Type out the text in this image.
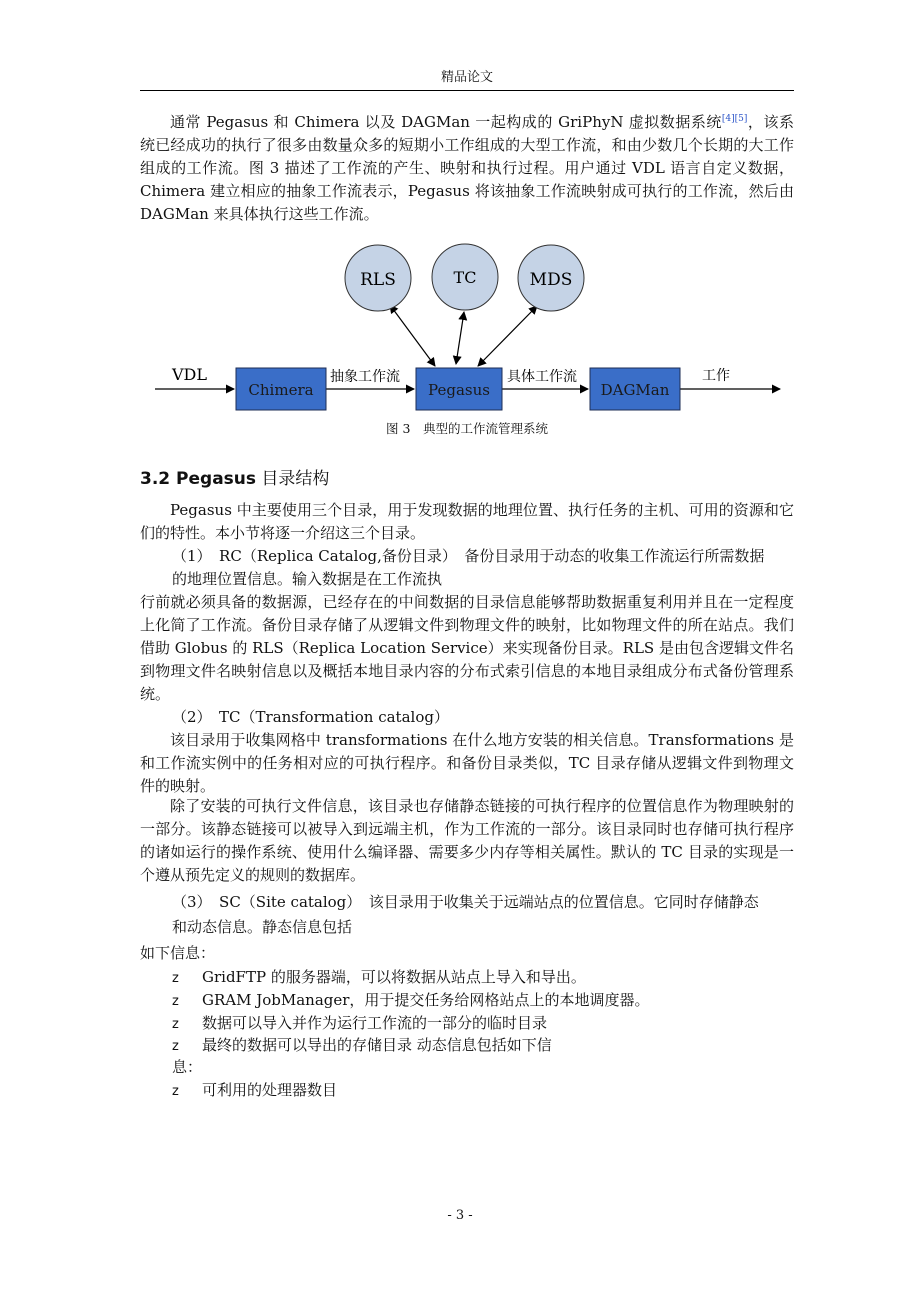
精品论文
通常 Pegasus 和 Chimera 以及 DAGMan 一起构成的 GriPhyN 虚拟数据系统[4][5]，该系统已经成功的执行了很多由数量众多的短期小工作组成的大型工作流，和由少数几个长期的大工作组成的工作流。图 3 描述了工作流的产生、映射和执行过程。用户通过 VDL 语言自定义数据，Chimera 建立相应的抽象工作流表示，Pegasus 将该抽象工作流映射成可执行的工作流，然后由 DAGMan 来具体执行这些工作流。
RLS	TC	MDS
Chimera	Pegasus	DAGMan
VDL	抽象工作流	具体工作流	工作
图 3　典型的工作流管理系统
3.2 Pegasus 目录结构
Pegasus 中主要使用三个目录，用于发现数据的地理位置、执行任务的主机、可用的资源和它们的特性。本小节将逐一介绍这三个目录。
（1）　RC（Replica Catalog,备份目录）　备份目录用于动态的收集工作流运行所需数据
的地理位置信息。输入数据是在工作流执
行前就必须具备的数据源，已经存在的中间数据的目录信息能够帮助数据重复利用并且在一定程度上化简了工作流。备份目录存储了从逻辑文件到物理文件的映射，比如物理文件的所在站点。我们借助 Globus 的 RLS（Replica Location Service）来实现备份目录。RLS 是由包含逻辑文件名到物理文件名映射信息以及概括本地目录内容的分布式索引信息的本地目录组成分布式备份管理系统。
（2）　TC（Transformation catalog）
该目录用于收集网格中 transformations 在什么地方安装的相关信息。Transformations 是和工作流实例中的任务相对应的可执行程序。和备份目录类似，TC 目录存储从逻辑文件到物理文件的映射。
除了安装的可执行文件信息，该目录也存储静态链接的可执行程序的位置信息作为物理映射的一部分。该静态链接可以被导入到远端主机，作为工作流的一部分。该目录同时也存储可执行程序的诸如运行的操作系统、使用什么编译器、需要多少内存等相关属性。默认的 TC 目录的实现是一个遵从预先定义的规则的数据库。
（3）　SC（Site catalog）　该目录用于收集关于远端站点的位置信息。它同时存储静态
和动态信息。静态信息包括
如下信息：
z GridFTP 的服务器端，可以将数据从站点上导入和导出。
z GRAM JobManager，用于提交任务给网格站点上的本地调度器。
z 数据可以导入并作为运行工作流的一部分的临时目录
z 最终的数据可以导出的存储目录 动态信息包括如下信
息：
z 可利用的处理器数目
- 3 -
